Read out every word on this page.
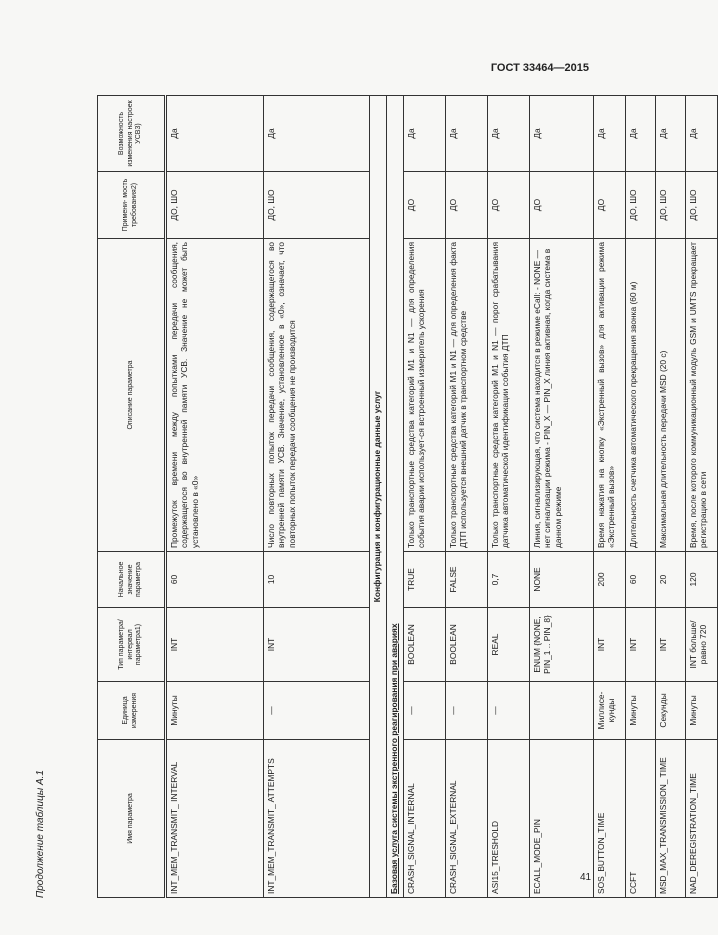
ГОСТ 33464—2015
Продолжение таблицы А.1	Имя параметра	Единица измерения	Тип параметра/ интервал параметра1)	Начальное значение параметра	Описание параметра	Примени- мость требования2)	Возможность изменения настроек УСВ3)
INT_MEM_TRANSMIT_ INTERVAL	Минуты	INT	60	Промежуток времени между попытками передачи сообщения, содержащегося во внутренней памяти УСВ. Значение не может быть установлено в «0»	ДО, ШО	Да
INT_MEM_TRANSMIT_ ATTEMPTS	—	INT	10	Число повторных попыток передачи сообщения, содержащегося во внутренней памяти УСВ. Значение, установленное в «0», означает, что повторных попыток передачи сообщения не производится	ДО, ШО	Да
Конфигурация и конфигурационные данные услуг						
Базовая услуга системы экстренного реагирования при авариях						
CRASH_SIGNAL_INTERNAL	—	BOOLEAN	TRUE	Только транспортные средства категорий M1 и N1 — для определения события аварии использует-ся встроенный измеритель ускорения	ДО	Да
CRASH_SIGNAL_EXTERNAL	—	BOOLEAN	FALSE	Только транспортные средства категорий M1 и N1 — для определения факта ДТП используется внешний датчик в транспортном средстве	ДО	Да
ASI15_TRESHOLD	—	REAL	0,7	Только транспортные средства категорий M1 и N1 — порог срабатывания датчика автоматической идентификации события ДТП	ДО	Да
ECALL_MODE_PIN		ENUM {NONE, PIN_1 .. PIN_8}	NONE	Линия, сигнализирующая, что система находится в режиме eCall: - NONE — нет сигнализации режима - PIN_X — PIN_X линия активная, когда система в данном режиме	ДО	Да
SOS_BUTTON_TIME	Миллисе-кунды	INT	200	Время нажатия на кнопку «Экстренный вызов» для активации режима «Экстренный вызов»	ДО	Да
CCFT	Минуты	INT	60	Длительность счетчика автоматического прекращения звонка (60 м)	ДО, ШО	Да
MSD_MAX_TRANSMISSION_ TIME	Секунды	INT	20	Максимальная длительность передачи MSD (20 с)	ДО, ШО	Да
NAD_DEREGISTRATION_TIME	Минуты	INT больше/ равно 720	120	Время, после которого коммуникационный модуль GSM и UMTS прекращает регистрацию в сети	ДО, ШО	Да
41
